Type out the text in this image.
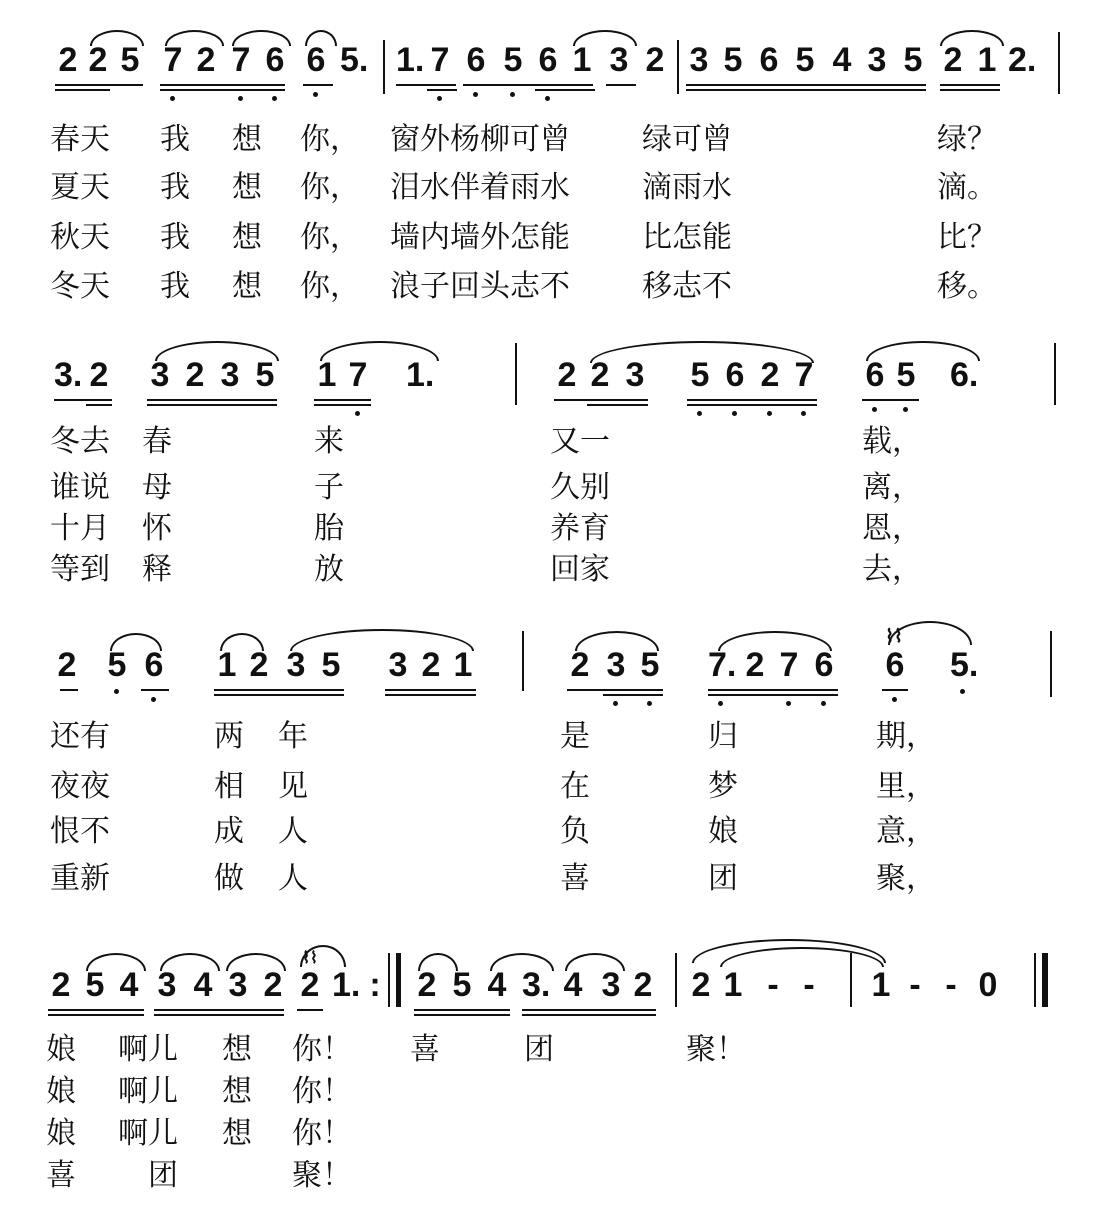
2 2 5 7 2 7 6 6 5. 1. 7 6 5 6 1 3 2 3 5 6 5 4 3 5 2 1 2.
春天 我 想 你， 窗外杨柳可曾 绿可曾	绿？
夏天 我 想 你， 泪水伴着雨水 滴雨水	滴。
秋天 我 想 你， 墙内墙外怎能 比怎能	比？
冬天 我 想 你， 浪子回头志不 移志不	移。
3. 2 3 2 3 5 1 7 1.	2 2 3 5 6 2 7 6 5 6.
冬去 春	来	又一	载，
谁说 母	子	久别	离，
十月 怀	胎	养育	恩，
等到 释	放	回家	去，
2 5 6 1 2 3 5 3 2 1	2 3 5 7. 2 7 6 6 5.
⌇⌇
还有	两 年	是	归	期，
夜夜	相 见	在	梦	里，
恨不	成 人	负	娘	意，
重新	做 人	喜	团	聚，
2 5 4 3 4 3 2 2 1. : 2 5 4 3. 4 3 2 2 1 - - 1 - - 0
⌇⌇
娘 啊儿 想 你！ 喜	团	聚！
娘 啊儿 想 你！
娘 啊儿 想 你！
喜 团	聚！
